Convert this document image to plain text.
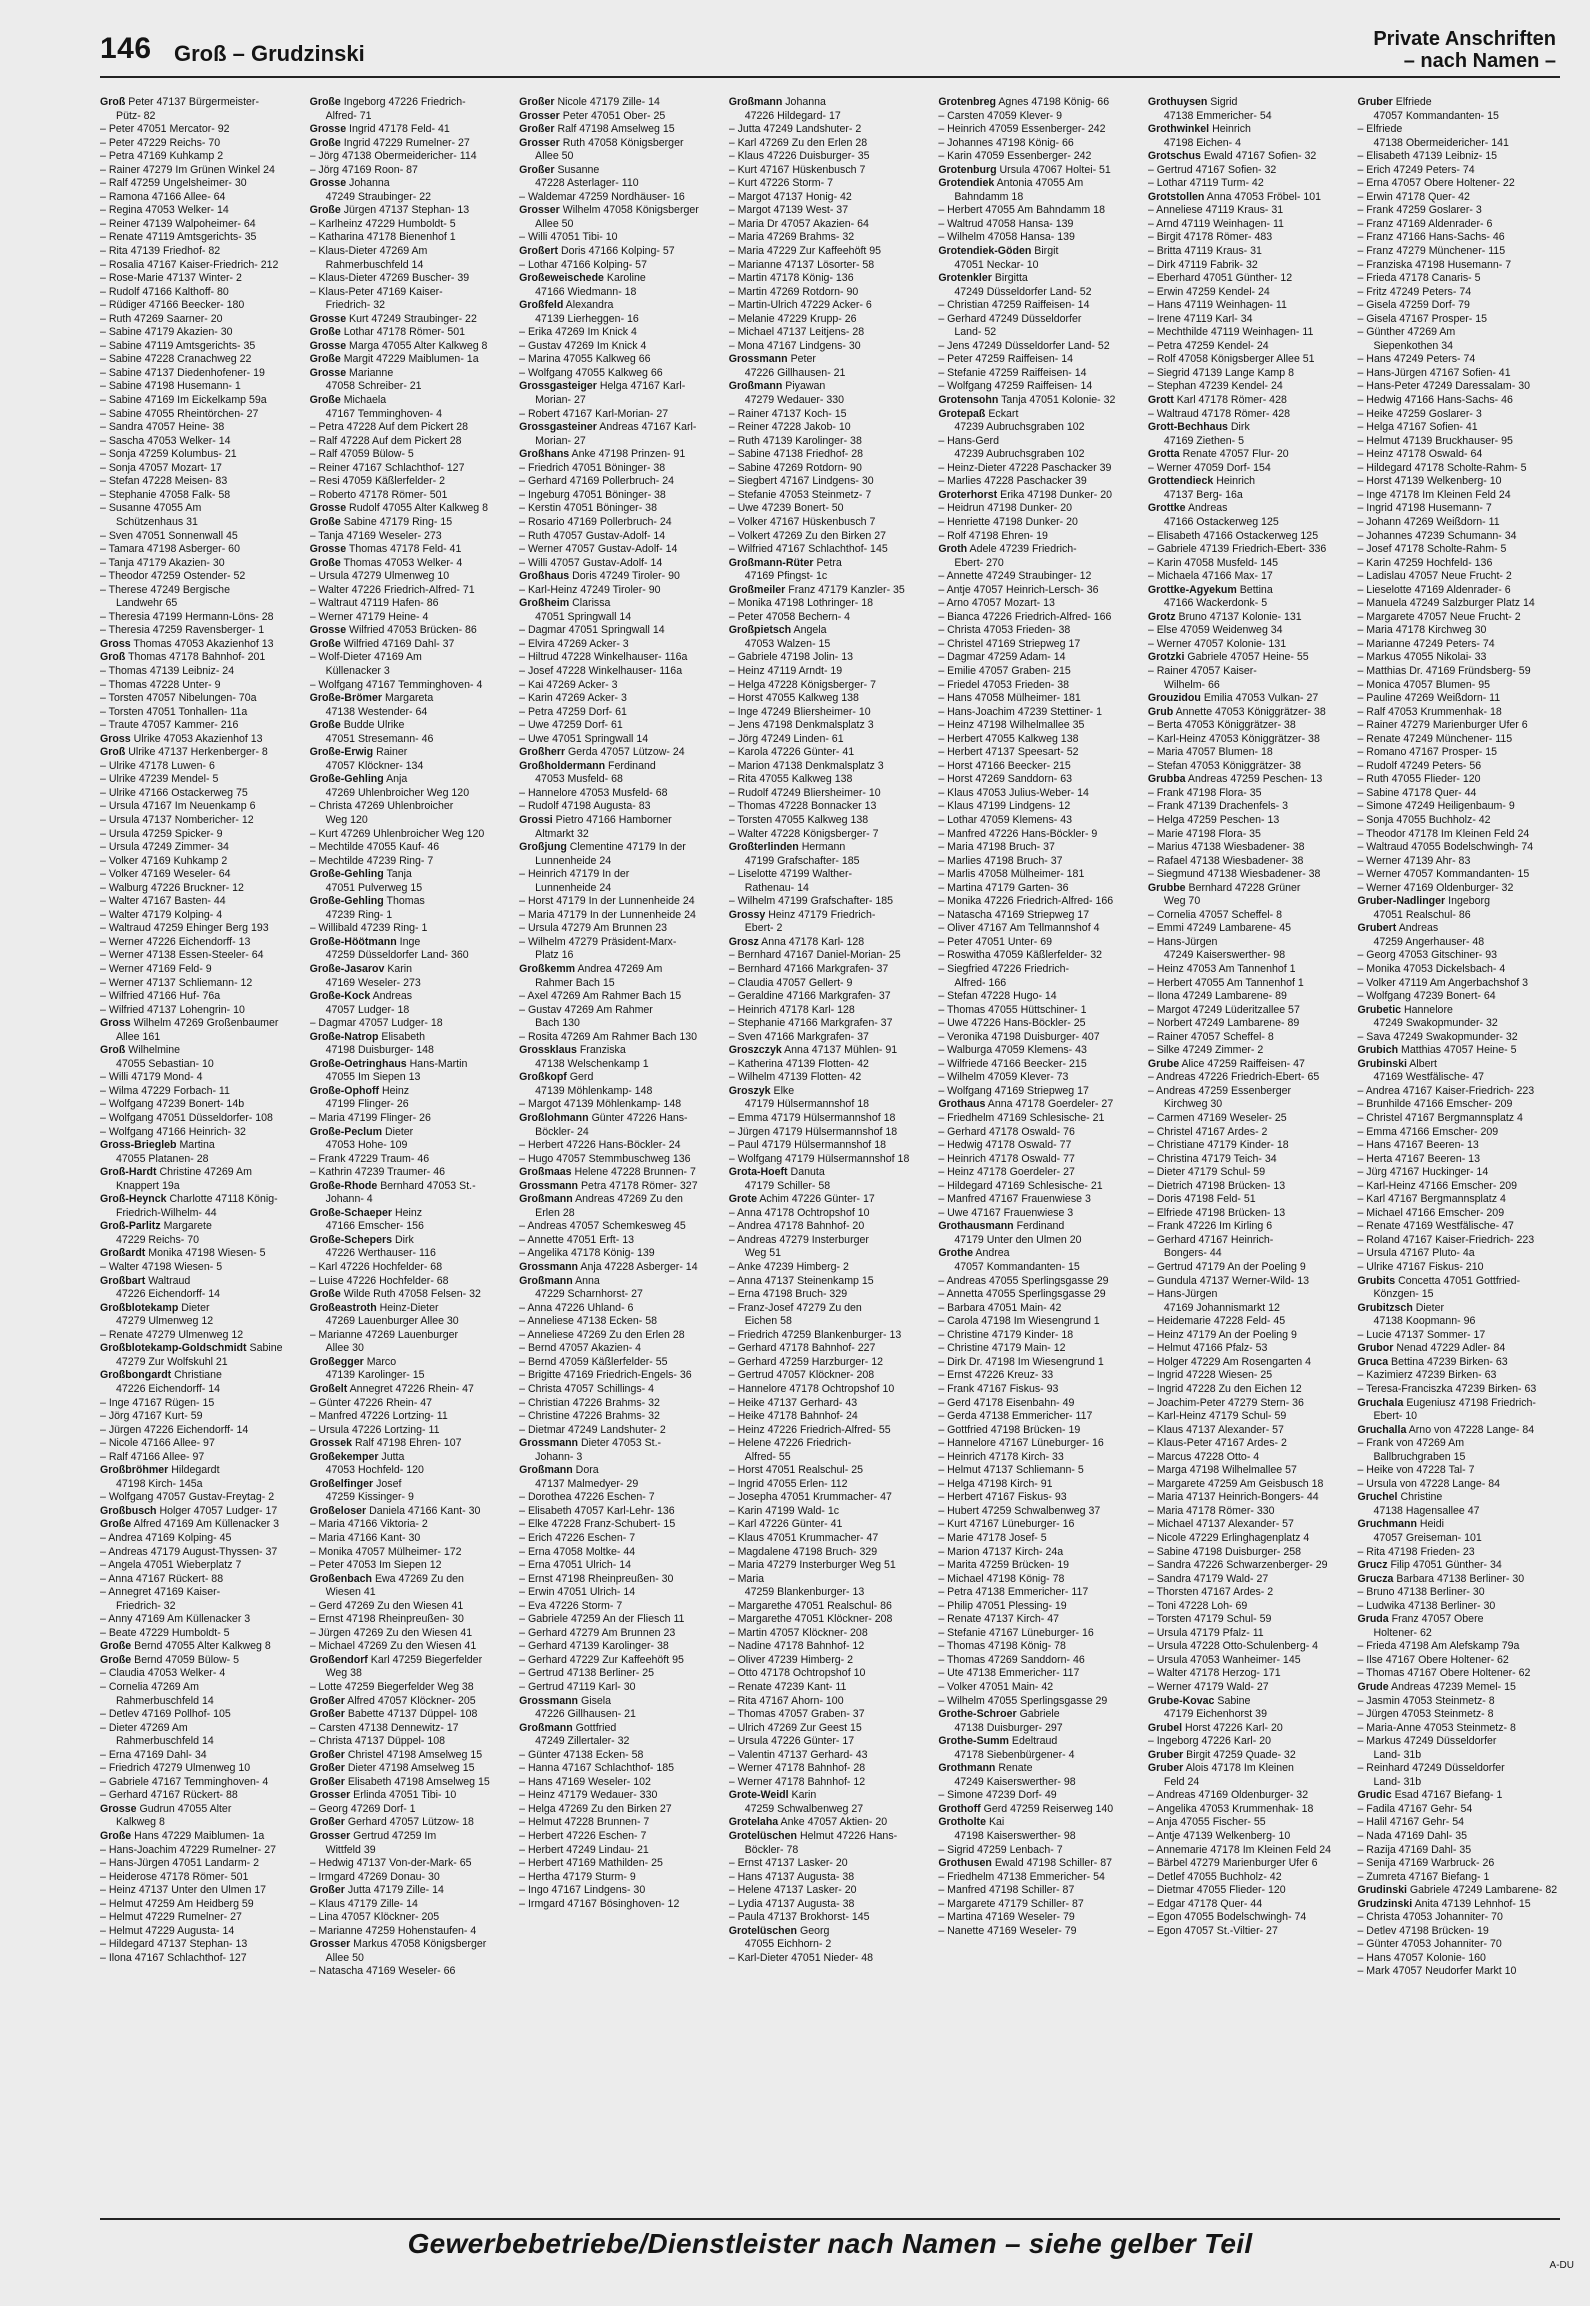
146 Groß – Grudzinski
Private Anschriften
– nach Namen –
Groß Peter 47137 Bürgermeister-
Pütz- 82
– Peter 47051 Mercator- 92
– Peter 47229 Reichs- 70
– Petra 47169 Kuhkamp 2
– Rainer 47279 Im Grünen Winkel 24
– Ralf 47259 Ungelsheimer- 30
– Ramona 47166 Allee- 64
– Regina 47053 Welker- 14
– Reiner 47139 Walpoheimer- 64
– Renate 47119 Amtsgerichts- 35
– Rita 47139 Friedhof- 82
– Rosalia 47167 Kaiser-Friedrich- 212
– Rose-Marie 47137 Winter- 2
– Rudolf 47166 Kalthoff- 80
– Rüdiger 47166 Beecker- 180
– Ruth 47269 Saarner- 20
– Sabine 47179 Akazien- 30
– Sabine 47119 Amtsgerichts- 35
– Sabine 47228 Cranachweg 22
– Sabine 47137 Diedenhofener- 19
– Sabine 47198 Husemann- 1
– Sabine 47169 Im Eickelkamp 59a
– Sabine 47055 Rheintörchen- 27
– Sandra 47057 Heine- 38
– Sascha 47053 Welker- 14
– Sonja 47259 Kolumbus- 21
– Sonja 47057 Mozart- 17
– Stefan 47228 Meisen- 83
– Stephanie 47058 Falk- 58
– Susanne 47055 Am
Schützenhaus 31
– Sven 47051 Sonnenwall 45
– Tamara 47198 Asberger- 60
– Tanja 47179 Akazien- 30
– Theodor 47259 Ostender- 52
– Therese 47249 Bergische
Landwehr 65
– Theresia 47199 Hermann-Löns- 28
– Theresia 47259 Ravensberger- 1
Gross Thomas 47053 Akazienhof 13
Groß Thomas 47178 Bahnhof- 201
– Thomas 47139 Leibniz- 24
– Thomas 47228 Unter- 9
– Torsten 47057 Nibelungen- 70a
– Torsten 47051 Tonhallen- 11a
– Traute 47057 Kammer- 216
Gross Ulrike 47053 Akazienhof 13
Groß Ulrike 47137 Herkenberger- 8
– Ulrike 47178 Luwen- 6
– Ulrike 47239 Mendel- 5
– Ulrike 47166 Ostackerweg 75
– Ursula 47167 Im Neuenkamp 6
– Ursula 47137 Nombericher- 12
– Ursula 47259 Spicker- 9
– Ursula 47249 Zimmer- 34
– Volker 47169 Kuhkamp 2
– Volker 47169 Weseler- 64
– Walburg 47226 Bruckner- 12
– Walter 47167 Basten- 44
– Walter 47179 Kolping- 4
– Waltraud 47259 Ehinger Berg 193
– Werner 47226 Eichendorff- 13
– Werner 47138 Essen-Steeler- 64
– Werner 47169 Feld- 9
– Werner 47137 Schliemann- 12
– Wilfried 47166 Huf- 76a
– Wilfried 47137 Lohengrin- 10
Gross Wilhelm 47269 Großenbaumer
Allee 161
Groß Wilhelmine
47055 Sebastian- 10
– Willi 47179 Mond- 4
– Wilma 47229 Forbach- 11
– Wolfgang 47239 Bonert- 14b
– Wolfgang 47051 Düsseldorfer- 108
– Wolfgang 47166 Heinrich- 32
Gross-Briegleb Martina
47055 Platanen- 28
Groß-Hardt Christine 47269 Am
Knappert 19a
Groß-Heynck Charlotte 47118 König-
Friedrich-Wilhelm- 44
Groß-Parlitz Margarete
47229 Reichs- 70
Großardt Monika 47198 Wiesen- 5
– Walter 47198 Wiesen- 5
Großbart Waltraud
47226 Eichendorff- 14
Großblotekamp Dieter
47279 Ulmenweg 12
– Renate 47279 Ulmenweg 12
Großblotekamp-Goldschmidt Sabine
47279 Zur Wolfskuhl 21
Großbongardt Christiane
47226 Eichendorff- 14
– Inge 47167 Rügen- 15
– Jörg 47167 Kurt- 59
– Jürgen 47226 Eichendorff- 14
– Nicole 47166 Allee- 97
– Ralf 47166 Allee- 97
Großbröhmer Hildegardt
47198 Kirch- 145a
– Wolfgang 47057 Gustav-Freytag- 2
Großbusch Holger 47057 Ludger- 17
Große Alfred 47169 Am Küllenacker 3
– Andrea 47169 Kolping- 45
– Andreas 47179 August-Thyssen- 37
– Angela 47051 Wieberplatz 7
– Anna 47167 Rückert- 88
– Annegret 47169 Kaiser-
Friedrich- 32
– Anny 47169 Am Küllenacker 3
– Beate 47229 Humboldt- 5
Große Bernd 47055 Alter Kalkweg 8
Große Bernd 47059 Bülow- 5
– Claudia 47053 Welker- 4
– Cornelia 47269 Am
Rahmerbuschfeld 14
– Detlev 47169 Pollhof- 105
– Dieter 47269 Am
Rahmerbuschfeld 14
– Erna 47169 Dahl- 34
– Friedrich 47279 Ulmenweg 10
– Gabriele 47167 Temminghoven- 4
– Gerhard 47167 Rückert- 88
Grosse Gudrun 47055 Alter
Kalkweg 8
Große Hans 47229 Maiblumen- 1a
– Hans-Joachim 47229 Rumelner- 27
– Hans-Jürgen 47051 Landarm- 2
– Heiderose 47178 Römer- 501
– Heinz 47137 Unter den Ulmen 17
– Helmut 47259 Am Heidberg 59
– Helmut 47229 Rumelner- 27
– Helmut 47229 Augusta- 14
– Hildegard 47137 Stephan- 13
– Ilona 47167 Schlachthof- 127
Große Ingeborg 47226 Friedrich-
Alfred- 71
Grosse Ingrid 47178 Feld- 41
Große Ingrid 47229 Rumelner- 27
– Jörg 47138 Obermeidericher- 114
– Jörg 47169 Roon- 87
Grosse Johanna
47249 Straubinger- 22
Große Jürgen 47137 Stephan- 13
– Karlheinz 47229 Humboldt- 5
– Katharina 47178 Bienenhof 1
– Klaus-Dieter 47269 Am
Rahmerbuschfeld 14
– Klaus-Dieter 47269 Buscher- 39
– Klaus-Peter 47169 Kaiser-
Friedrich- 32
Grosse Kurt 47249 Straubinger- 22
Große Lothar 47178 Römer- 501
Grosse Marga 47055 Alter Kalkweg 8
Große Margit 47229 Maiblumen- 1a
Grosse Marianne
47058 Schreiber- 21
Große Michaela
47167 Temminghoven- 4
– Petra 47228 Auf dem Pickert 28
– Ralf 47228 Auf dem Pickert 28
– Ralf 47059 Bülow- 5
– Reiner 47167 Schlachthof- 127
– Resi 47059 Käßlerfelder- 2
– Roberto 47178 Römer- 501
Grosse Rudolf 47055 Alter Kalkweg 8
Große Sabine 47179 Ring- 15
– Tanja 47169 Weseler- 273
Grosse Thomas 47178 Feld- 41
Große Thomas 47053 Welker- 4
– Ursula 47279 Ulmenweg 10
– Walter 47226 Friedrich-Alfred- 71
– Waltraut 47119 Hafen- 86
– Werner 47179 Heine- 4
Grosse Wilfried 47053 Brücken- 86
Große Wilfried 47169 Dahl- 37
– Wolf-Dieter 47169 Am
Küllenacker 3
– Wolfgang 47167 Temminghoven- 4
Große-Brömer Margareta
47138 Westender- 64
Große Budde Ulrike
47051 Stresemann- 46
Große-Erwig Rainer
47057 Klöckner- 134
Große-Gehling Anja
47269 Uhlenbroicher Weg 120
– Christa 47269 Uhlenbroicher
Weg 120
– Kurt 47269 Uhlenbroicher Weg 120
– Mechtilde 47055 Kauf- 46
– Mechtilde 47239 Ring- 7
Große-Gehling Tanja
47051 Pulverweg 15
Große-Gehling Thomas
47239 Ring- 1
– Willibald 47239 Ring- 1
Große-Höötmann Inge
47259 Düsseldorfer Land- 360
Große-Jasarov Karin
47169 Weseler- 273
Große-Kock Andreas
47057 Ludger- 18
– Dagmar 47057 Ludger- 18
Große-Natrop Elisabeth
47198 Duisburger- 148
Große-Oetringhaus Hans-Martin
47055 Im Siepen 13
Große-Ophoff Heinz
47199 Flinger- 26
– Maria 47199 Flinger- 26
Große-Peclum Dieter
47053 Hohe- 109
– Frank 47229 Traum- 46
– Kathrin 47239 Traumer- 46
Große-Rhode Bernhard 47053 St.-
Johann- 4
Große-Schaeper Heinz
47166 Emscher- 156
Große-Schepers Dirk
47226 Werthauser- 116
– Karl 47226 Hochfelder- 68
– Luise 47226 Hochfelder- 68
Große Wilde Ruth 47058 Felsen- 32
Großeastroth Heinz-Dieter
47269 Lauenburger Allee 30
– Marianne 47269 Lauenburger
Allee 30
Großegger Marco
47139 Karolinger- 15
Großelt Annegret 47226 Rhein- 47
– Günter 47226 Rhein- 47
– Manfred 47226 Lortzing- 11
– Ursula 47226 Lortzing- 11
Grossek Ralf 47198 Ehren- 107
Großekemper Jutta
47053 Hochfeld- 120
Großelfinger Josef
47259 Kissinger- 9
Großeloser Daniela 47166 Kant- 30
– Maria 47166 Viktoria- 2
– Maria 47166 Kant- 30
– Monika 47057 Mülheimer- 172
– Peter 47053 Im Siepen 12
Großenbach Ewa 47269 Zu den
Wiesen 41
– Gerd 47269 Zu den Wiesen 41
– Ernst 47198 Rheinpreußen- 30
– Jürgen 47269 Zu den Wiesen 41
– Michael 47269 Zu den Wiesen 41
Großendorf Karl 47259 Biegerfelder
Weg 38
– Lotte 47259 Biegerfelder Weg 38
Großer Alfred 47057 Klöckner- 205
Großer Babette 47137 Düppel- 108
– Carsten 47138 Dennewitz- 17
– Christa 47137 Düppel- 108
Großer Christel 47198 Amselweg 15
Großer Dieter 47198 Amselweg 15
Großer Elisabeth 47198 Amselweg 15
Grosser Erlinda 47051 Tibi- 10
– Georg 47269 Dorf- 1
Großer Gerhard 47057 Lützow- 18
Grosser Gertrud 47259 Im
Wittfeld 39
– Hedwig 47137 Von-der-Mark- 65
– Irmgard 47269 Donau- 30
Großer Jutta 47179 Zille- 14
– Klaus 47179 Zille- 14
– Lina 47057 Klöckner- 205
– Marianne 47259 Hohenstaufen- 4
Grosser Markus 47058 Königsberger
Allee 50
– Natascha 47169 Weseler- 66
Großer Nicole 47179 Zille- 14
Grosser Peter 47051 Ober- 25
Großer Ralf 47198 Amselweg 15
Grosser Ruth 47058 Königsberger
Allee 50
Großer Susanne
47228 Asterlager- 110
– Waldemar 47259 Nordhäuser- 16
Grosser Wilhelm 47058 Königsberger
Allee 50
– Willi 47051 Tibi- 10
Großert Doris 47166 Kolping- 57
– Lothar 47166 Kolping- 57
Großeweischede Karoline
47166 Wiedmann- 18
Großfeld Alexandra
47139 Lierheggen- 16
– Erika 47269 Im Knick 4
– Gustav 47269 Im Knick 4
– Marina 47055 Kalkweg 66
– Wolfgang 47055 Kalkweg 66
Grossgasteiger Helga 47167 Karl-
Morian- 27
– Robert 47167 Karl-Morian- 27
Grossgasteiner Andreas 47167 Karl-
Morian- 27
Großhans Anke 47198 Prinzen- 91
– Friedrich 47051 Böninger- 38
– Gerhard 47169 Pollerbruch- 24
– Ingeburg 47051 Böninger- 38
– Kerstin 47051 Böninger- 38
– Rosario 47169 Pollerbruch- 24
– Ruth 47057 Gustav-Adolf- 14
– Werner 47057 Gustav-Adolf- 14
– Willi 47057 Gustav-Adolf- 14
Großhaus Doris 47249 Tiroler- 90
– Karl-Heinz 47249 Tiroler- 90
Großheim Clarissa
47051 Springwall 14
– Dagmar 47051 Springwall 14
– Elvira 47269 Acker- 3
– Hiltrud 47228 Winkelhauser- 116a
– Josef 47228 Winkelhauser- 116a
– Kai 47269 Acker- 3
– Karin 47269 Acker- 3
– Petra 47259 Dorf- 61
– Uwe 47259 Dorf- 61
– Uwe 47051 Springwall 14
Großherr Gerda 47057 Lützow- 24
Großholdermann Ferdinand
47053 Musfeld- 68
– Hannelore 47053 Musfeld- 68
– Rudolf 47198 Augusta- 83
Grossi Pietro 47166 Hamborner
Altmarkt 32
Großjung Clementine 47179 In der
Lunnenheide 24
– Heinrich 47179 In der
Lunnenheide 24
– Horst 47179 In der Lunnenheide 24
– Maria 47179 In der Lunnenheide 24
– Ursula 47279 Am Brunnen 23
– Wilhelm 47279 Präsident-Marx-
Platz 16
Großkemm Andrea 47269 Am
Rahmer Bach 15
– Axel 47269 Am Rahmer Bach 15
– Gustav 47269 Am Rahmer
Bach 130
– Rosita 47269 Am Rahmer Bach 130
Grossklaus Franziska
47138 Welschenkamp 1
Großkopf Gerd
47139 Möhlenkamp- 148
– Margot 47139 Möhlenkamp- 148
Großlohmann Günter 47226 Hans-
Böckler- 24
– Herbert 47226 Hans-Böckler- 24
– Hugo 47057 Stemmbuschweg 136
Großmaas Helene 47228 Brunnen- 7
Grossmann Petra 47178 Römer- 327
Großmann Andreas 47269 Zu den
Erlen 28
– Andreas 47057 Schemkesweg 45
– Annette 47051 Erft- 13
– Angelika 47178 König- 139
Grossmann Anja 47228 Asberger- 14
Großmann Anna
47229 Scharnhorst- 27
– Anna 47226 Uhland- 6
– Anneliese 47138 Ecken- 58
– Anneliese 47269 Zu den Erlen 28
– Bernd 47057 Akazien- 4
– Bernd 47059 Käßlerfelder- 55
– Brigitte 47169 Friedrich-Engels- 36
– Christa 47057 Schillings- 4
– Christian 47226 Brahms- 32
– Christine 47226 Brahms- 32
– Dietmar 47249 Landshuter- 2
Grossmann Dieter 47053 St.-
Johann- 3
Großmann Dora
47137 Malmedyer- 29
– Dorothea 47226 Eschen- 7
– Elisabeth 47057 Karl-Lehr- 136
– Elke 47228 Franz-Schubert- 15
– Erich 47226 Eschen- 7
– Erna 47058 Moltke- 44
– Erna 47051 Ulrich- 14
– Ernst 47198 Rheinpreußen- 30
– Erwin 47051 Ulrich- 14
– Eva 47226 Storm- 7
– Gabriele 47259 An der Fliesch 11
– Gerhard 47279 Am Brunnen 23
– Gerhard 47139 Karolinger- 38
– Gerhard 47229 Zur Kaffeehöft 95
– Gertrud 47138 Berliner- 25
– Gertrud 47119 Karl- 30
Grossmann Gisela
47226 Gillhausen- 21
Großmann Gottfried
47249 Zillertaler- 32
– Günter 47138 Ecken- 58
– Hanna 47167 Schlachthof- 185
– Hans 47169 Weseler- 102
– Heinz 47179 Wedauer- 330
– Helga 47269 Zu den Birken 27
– Helmut 47228 Brunnen- 7
– Herbert 47226 Eschen- 7
– Herbert 47249 Lindau- 21
– Herbert 47169 Mathilden- 25
– Hertha 47179 Sturm- 9
– Ingo 47167 Lindgens- 30
– Irmgard 47167 Bösinghoven- 12
Großmann Johanna
47226 Hildegard- 17
– Jutta 47249 Landshuter- 2
– Karl 47269 Zu den Erlen 28
– Klaus 47226 Duisburger- 35
– Kurt 47167 Hüskenbusch 7
– Kurt 47226 Storm- 7
– Margot 47137 Honig- 42
– Margot 47139 West- 37
– Maria Dr 47057 Akazien- 64
– Maria 47269 Brahms- 32
– Maria 47229 Zur Kaffeehöft 95
– Marianne 47137 Lösorter- 58
– Martin 47178 König- 136
– Martin 47269 Rotdorn- 90
– Martin-Ulrich 47229 Acker- 6
– Melanie 47229 Krupp- 26
– Michael 47137 Leitjens- 28
– Mona 47167 Lindgens- 30
Grossmann Peter
47226 Gillhausen- 21
Großmann Piyawan
47279 Wedauer- 330
– Rainer 47137 Koch- 15
– Reiner 47228 Jakob- 10
– Ruth 47139 Karolinger- 38
– Sabine 47138 Friedhof- 28
– Sabine 47269 Rotdorn- 90
– Siegbert 47167 Lindgens- 30
– Stefanie 47053 Steinmetz- 7
– Uwe 47239 Bonert- 50
– Volker 47167 Hüskenbusch 7
– Volkert 47269 Zu den Birken 27
– Wilfried 47167 Schlachthof- 145
Großmann-Rüter Petra
47169 Pfingst- 1c
Großmeiler Franz 47179 Kanzler- 35
– Monika 47198 Lothringer- 18
– Peter 47058 Bechern- 4
Großpietsch Angela
47053 Walzen- 15
– Gabriele 47198 Jolin- 13
– Heinz 47119 Arndt- 19
– Helga 47228 Königsberger- 7
– Horst 47055 Kalkweg 138
– Inge 47249 Bliersheimer- 10
– Jens 47198 Denkmalsplatz 3
– Jörg 47249 Linden- 61
– Karola 47226 Günter- 41
– Marion 47138 Denkmalsplatz 3
– Rita 47055 Kalkweg 138
– Rudolf 47249 Bliersheimer- 10
– Thomas 47228 Bonnacker 13
– Torsten 47055 Kalkweg 138
– Walter 47228 Königsberger- 7
Großterlinden Hermann
47199 Grafschafter- 185
– Liselotte 47199 Walther-
Rathenau- 14
– Wilhelm 47199 Grafschafter- 185
Grossy Heinz 47179 Friedrich-
Ebert- 2
Grosz Anna 47178 Karl- 128
– Bernhard 47167 Daniel-Morian- 25
– Bernhard 47166 Markgrafen- 37
– Claudia 47057 Gellert- 9
– Geraldine 47166 Markgrafen- 37
– Heinrich 47178 Karl- 128
– Stephanie 47166 Markgrafen- 37
– Sven 47166 Markgrafen- 37
Groszczyk Anna 47137 Mühlen- 91
– Katherina 47139 Flotten- 42
– Wilhelm 47139 Flotten- 42
Groszyk Elke
47179 Hülsermannshof 18
– Emma 47179 Hülsermannshof 18
– Jürgen 47179 Hülsermannshof 18
– Paul 47179 Hülsermannshof 18
– Wolfgang 47179 Hülsermannshof 18
Grota-Hoeft Danuta
47179 Schiller- 58
Grote Achim 47226 Günter- 17
– Anna 47178 Ochtropshof 10
– Andrea 47178 Bahnhof- 20
– Andreas 47279 Insterburger
Weg 51
– Anke 47239 Himberg- 2
– Anna 47137 Steinenkamp 15
– Erna 47198 Bruch- 329
– Franz-Josef 47279 Zu den
Eichen 58
– Friedrich 47259 Blankenburger- 13
– Gerhard 47178 Bahnhof- 227
– Gerhard 47259 Harzburger- 12
– Gertrud 47057 Klöckner- 208
– Hannelore 47178 Ochtropshof 10
– Heike 47137 Gerhard- 43
– Heike 47178 Bahnhof- 24
– Heinz 47226 Friedrich-Alfred- 55
– Helene 47226 Friedrich-
Alfred- 55
– Horst 47051 Realschul- 25
– Ingrid 47055 Erlen- 112
– Josepha 47051 Krummacher- 47
– Karin 47199 Wald- 1c
– Karl 47226 Günter- 41
– Klaus 47051 Krummacher- 47
– Magdalene 47198 Bruch- 329
– Maria 47279 Insterburger Weg 51
– Maria
47259 Blankenburger- 13
– Margarethe 47051 Realschul- 86
– Margarethe 47051 Klöckner- 208
– Martin 47057 Klöckner- 208
– Nadine 47178 Bahnhof- 12
– Oliver 47239 Himberg- 2
– Otto 47178 Ochtropshof 10
– Renate 47239 Kant- 11
– Rita 47167 Ahorn- 100
– Thomas 47057 Graben- 37
– Ulrich 47269 Zur Geest 15
– Ursula 47226 Günter- 17
– Valentin 47137 Gerhard- 43
– Werner 47178 Bahnhof- 28
– Werner 47178 Bahnhof- 12
Grote-Weidl Karin
47259 Schwalbenweg 27
Grotelaha Anke 47057 Aktien- 20
Grotelüschen Helmut 47226 Hans-
Böckler- 78
– Ernst 47137 Lasker- 20
– Hans 47137 Augusta- 38
– Helene 47137 Lasker- 20
– Lydia 47137 Augusta- 38
– Paula 47137 Brokhorst- 145
Grotelüschen Georg
47055 Eichhorn- 2
– Karl-Dieter 47051 Nieder- 48
Grotenbreg Agnes 47198 König- 66
– Carsten 47059 Klever- 9
– Heinrich 47059 Essenberger- 242
– Johannes 47198 König- 66
– Karin 47059 Essenberger- 242
Grotenburg Ursula 47067 Holtei- 51
Grotendiek Antonia 47055 Am
Bahndamm 18
– Herbert 47055 Am Bahndamm 18
– Waltrud 47058 Hansa- 139
– Wilhelm 47058 Hansa- 139
Grotendiek-Göden Birgit
47051 Neckar- 10
Grotenkler Birgitta
47249 Düsseldorfer Land- 52
– Christian 47259 Raiffeisen- 14
– Gerhard 47249 Düsseldorfer
Land- 52
– Jens 47249 Düsseldorfer Land- 52
– Peter 47259 Raiffeisen- 14
– Stefanie 47259 Raiffeisen- 14
– Wolfgang 47259 Raiffeisen- 14
Grotensohn Tanja 47051 Kolonie- 32
Grotepaß Eckart
47239 Aubruchsgraben 102
– Hans-Gerd
47239 Aubruchsgraben 102
– Heinz-Dieter 47228 Paschacker 39
– Marlies 47228 Paschacker 39
Groterhorst Erika 47198 Dunker- 20
– Heidrun 47198 Dunker- 20
– Henriette 47198 Dunker- 20
– Rolf 47198 Ehren- 19
Groth Adele 47239 Friedrich-
Ebert- 270
– Annette 47249 Straubinger- 12
– Antje 47057 Heinrich-Lersch- 36
– Arno 47057 Mozart- 13
– Bianca 47226 Friedrich-Alfred- 166
– Christa 47053 Frieden- 38
– Christel 47169 Striepweg 17
– Dagmar 47259 Adam- 14
– Emilie 47057 Graben- 215
– Friedel 47053 Frieden- 38
– Hans 47058 Mülheimer- 181
– Hans-Joachim 47239 Stettiner- 1
– Heinz 47198 Wilhelmallee 35
– Herbert 47055 Kalkweg 138
– Herbert 47137 Speesart- 52
– Horst 47166 Beecker- 215
– Horst 47269 Sanddorn- 63
– Klaus 47053 Julius-Weber- 14
– Klaus 47199 Lindgens- 12
– Lothar 47059 Klemens- 43
– Manfred 47226 Hans-Böckler- 9
– Maria 47198 Bruch- 37
– Marlies 47198 Bruch- 37
– Marlis 47058 Mülheimer- 181
– Martina 47179 Garten- 36
– Monika 47226 Friedrich-Alfred- 166
– Natascha 47169 Striepweg 17
– Oliver 47167 Am Tellmannshof 4
– Peter 47051 Unter- 69
– Roswitha 47059 Käßlerfelder- 32
– Siegfried 47226 Friedrich-
Alfred- 166
– Stefan 47228 Hugo- 14
– Thomas 47055 Hüttschiner- 1
– Uwe 47226 Hans-Böckler- 25
– Veronika 47198 Duisburger- 407
– Walburga 47059 Klemens- 43
– Wilfriede 47166 Beecker- 215
– Wilhelm 47059 Klever- 73
– Wolfgang 47169 Striepweg 17
Grothaus Anna 47178 Goerdeler- 27
– Friedhelm 47169 Schlesische- 21
– Gerhard 47178 Oswald- 76
– Hedwig 47178 Oswald- 77
– Heinrich 47178 Oswald- 77
– Heinz 47178 Goerdeler- 27
– Hildegard 47169 Schlesische- 21
– Manfred 47167 Frauenwiese 3
– Uwe 47167 Frauenwiese 3
Grothausmann Ferdinand
47179 Unter den Ulmen 20
Grothe Andrea
47057 Kommandanten- 15
– Andreas 47055 Sperlingsgasse 29
– Annetta 47055 Sperlingsgasse 29
– Barbara 47051 Main- 42
– Carola 47198 Im Wiesengrund 1
– Christine 47179 Kinder- 18
– Christine 47179 Main- 12
– Dirk Dr. 47198 Im Wiesengrund 1
– Ernst 47226 Kreuz- 33
– Frank 47167 Fiskus- 93
– Gerd 47178 Eisenbahn- 49
– Gerda 47138 Emmericher- 117
– Gottfried 47198 Brücken- 19
– Hannelore 47167 Lüneburger- 16
– Heinrich 47178 Kirch- 33
– Helmut 47137 Schliemann- 5
– Helga 47198 Kirch- 91
– Herbert 47167 Fiskus- 93
– Hubert 47259 Schwalbenweg 37
– Kurt 47167 Lüneburger- 16
– Marie 47178 Josef- 5
– Marion 47137 Kirch- 24a
– Marita 47259 Brücken- 19
– Michael 47198 König- 78
– Petra 47138 Emmericher- 117
– Philip 47051 Plessing- 19
– Renate 47137 Kirch- 47
– Stefanie 47167 Lüneburger- 16
– Thomas 47198 König- 78
– Thomas 47269 Sanddorn- 46
– Ute 47138 Emmericher- 117
– Volker 47051 Main- 42
– Wilhelm 47055 Sperlingsgasse 29
Grothe-Schroer Gabriele
47138 Duisburger- 297
Grothe-Summ Edeltraud
47178 Siebenbürgener- 4
Grothmann Renate
47249 Kaiserswerther- 98
– Simone 47239 Dorf- 49
Grothoff Gerd 47259 Reiserweg 140
Grotholte Kai
47198 Kaiserswerther- 98
– Sigrid 47259 Lenbach- 7
Grothusen Ewald 47198 Schiller- 87
– Friedhelm 47138 Emmericher- 54
– Manfred 47198 Schiller- 87
– Margarete 47179 Schiller- 87
– Martina 47169 Weseler- 79
– Nanette 47169 Weseler- 79
Grothuysen Sigrid
47138 Emmericher- 54
Grothwinkel Heinrich
47198 Eichen- 4
Grotschus Ewald 47167 Sofien- 32
– Gertrud 47167 Sofien- 32
– Lothar 47119 Turm- 42
Grotstollen Anna 47053 Fröbel- 101
– Anneliese 47119 Kraus- 31
– Arnd 47119 Weinhagen- 11
– Birgit 47178 Römer- 483
– Britta 47119 Kraus- 31
– Dirk 47119 Fabrik- 32
– Eberhard 47051 Günther- 12
– Erwin 47259 Kendel- 24
– Hans 47119 Weinhagen- 11
– Irene 47119 Karl- 34
– Mechthilde 47119 Weinhagen- 11
– Petra 47259 Kendel- 24
– Rolf 47058 Königsberger Allee 51
– Siegrid 47139 Lange Kamp 8
– Stephan 47239 Kendel- 24
Grott Karl 47178 Römer- 428
– Waltraud 47178 Römer- 428
Grott-Bechhaus Dirk
47169 Ziethen- 5
Grotta Renate 47057 Flur- 20
– Werner 47059 Dorf- 154
Grottendieck Heinrich
47137 Berg- 16a
Grottke Andreas
47166 Ostackerweg 125
– Elisabeth 47166 Ostackerweg 125
– Gabriele 47139 Friedrich-Ebert- 336
– Karin 47058 Musfeld- 145
– Michaela 47166 Max- 17
Grottke-Agyekum Bettina
47166 Wackerdonk- 5
Grotz Bruno 47137 Kolonie- 131
– Else 47059 Weidenweg 34
– Werner 47057 Kolonie- 131
Grotzki Gabriele 47057 Heine- 55
– Rainer 47057 Kaiser-
Wilhelm- 66
Grouzidou Emilia 47053 Vulkan- 27
Grub Annette 47053 Königgrätzer- 38
– Berta 47053 Königgrätzer- 38
– Karl-Heinz 47053 Königgrätzer- 38
– Maria 47057 Blumen- 18
– Stefan 47053 Königgrätzer- 38
Grubba Andreas 47259 Peschen- 13
– Frank 47198 Flora- 35
– Frank 47139 Drachenfels- 3
– Helga 47259 Peschen- 13
– Marie 47198 Flora- 35
– Marius 47138 Wiesbadener- 38
– Rafael 47138 Wiesbadener- 38
– Siegmund 47138 Wiesbadener- 38
Grubbe Bernhard 47228 Grüner
Weg 70
– Cornelia 47057 Scheffel- 8
– Emmi 47249 Lambarene- 45
– Hans-Jürgen
47249 Kaiserswerther- 98
– Heinz 47053 Am Tannenhof 1
– Herbert 47055 Am Tannenhof 1
– Ilona 47249 Lambarene- 89
– Margot 47249 Lüderitzallee 57
– Norbert 47249 Lambarene- 89
– Rainer 47057 Scheffel- 8
– Silke 47249 Zimmer- 2
Grube Alice 47259 Raiffeisen- 47
– Andreas 47226 Friedrich-Ebert- 65
– Andreas 47259 Essenberger
Kirchweg 30
– Carmen 47169 Weseler- 25
– Christel 47167 Ardes- 2
– Christiane 47179 Kinder- 18
– Christina 47179 Teich- 34
– Dieter 47179 Schul- 59
– Dietrich 47198 Brücken- 13
– Doris 47198 Feld- 51
– Elfriede 47198 Brücken- 13
– Frank 47226 Im Kirling 6
– Gerhard 47167 Heinrich-
Bongers- 44
– Gertrud 47179 An der Poeling 9
– Gundula 47137 Werner-Wild- 13
– Hans-Jürgen
47169 Johannismarkt 12
– Heidemarie 47228 Feld- 45
– Heinz 47179 An der Poeling 9
– Helmut 47166 Pfalz- 53
– Holger 47229 Am Rosengarten 4
– Ingrid 47228 Wiesen- 25
– Ingrid 47228 Zu den Eichen 12
– Joachim-Peter 47279 Stern- 36
– Karl-Heinz 47179 Schul- 59
– Klaus 47137 Alexander- 57
– Klaus-Peter 47167 Ardes- 2
– Marcus 47228 Otto- 4
– Marga 47198 Wilhelmallee 57
– Margarete 47259 Am Geisbusch 18
– Maria 47137 Heinrich-Bongers- 44
– Maria 47178 Römer- 330
– Michael 47137 Alexander- 57
– Nicole 47229 Erlinghagenplatz 4
– Sabine 47198 Duisburger- 258
– Sandra 47226 Schwarzenberger- 29
– Sandra 47179 Wald- 27
– Thorsten 47167 Ardes- 2
– Toni 47228 Loh- 69
– Torsten 47179 Schul- 59
– Ursula 47179 Pfalz- 11
– Ursula 47228 Otto-Schulenberg- 4
– Ursula 47053 Wanheimer- 145
– Walter 47178 Herzog- 171
– Werner 47179 Wald- 27
Grube-Kovac Sabine
47179 Eichenhorst 39
Grubel Horst 47226 Karl- 20
– Ingeborg 47226 Karl- 20
Gruber Birgit 47259 Quade- 32
Gruber Alois 47178 Im Kleinen
Feld 24
– Andreas 47169 Oldenburger- 32
– Angelika 47053 Krummenhak- 18
– Anja 47055 Fischer- 55
– Antje 47139 Welkenberg- 10
– Annemarie 47178 Im Kleinen Feld 24
– Bärbel 47279 Marienburger Ufer 6
– Detlef 47055 Buchholz- 42
– Dietmar 47055 Flieder- 120
– Edgar 47178 Quer- 44
– Egon 47055 Bodelschwingh- 74
– Egon 47057 St.-Viltier- 27
Gruber Elfriede
47057 Kommandanten- 15
– Elfriede
47138 Obermeidericher- 141
– Elisabeth 47139 Leibniz- 15
– Erich 47249 Peters- 74
– Erna 47057 Obere Holtener- 22
– Erwin 47178 Quer- 42
– Frank 47259 Goslarer- 3
– Franz 47169 Aldenrader- 6
– Franz 47166 Hans-Sachs- 46
– Franz 47279 Münchener- 115
– Franziska 47198 Husemann- 7
– Frieda 47178 Canaris- 5
– Fritz 47249 Peters- 74
– Gisela 47259 Dorf- 79
– Gisela 47167 Prosper- 15
– Günther 47269 Am
Siepenkothen 34
– Hans 47249 Peters- 74
– Hans-Jürgen 47167 Sofien- 41
– Hans-Peter 47249 Daressalam- 30
– Hedwig 47166 Hans-Sachs- 46
– Heike 47259 Goslarer- 3
– Helga 47167 Sofien- 41
– Helmut 47139 Bruckhauser- 95
– Heinz 47178 Oswald- 64
– Hildegard 47178 Scholte-Rahm- 5
– Horst 47139 Welkenberg- 10
– Inge 47178 Im Kleinen Feld 24
– Ingrid 47198 Husemann- 7
– Johann 47269 Weißdorn- 11
– Johannes 47239 Schumann- 34
– Josef 47178 Scholte-Rahm- 5
– Karin 47259 Hochfeld- 136
– Ladislau 47057 Neue Frucht- 2
– Lieselotte 47169 Aldenrader- 6
– Manuela 47249 Salzburger Platz 14
– Margarete 47057 Neue Frucht- 2
– Maria 47178 Kirchweg 30
– Marianne 47249 Peters- 74
– Markus 47055 Nikolai- 33
– Matthias Dr. 47169 Fründsberg- 59
– Monica 47057 Blumen- 95
– Pauline 47269 Weißdorn- 11
– Ralf 47053 Krummenhak- 18
– Rainer 47279 Marienburger Ufer 6
– Renate 47249 Münchener- 115
– Romano 47167 Prosper- 15
– Rudolf 47249 Peters- 56
– Ruth 47055 Flieder- 120
– Sabine 47178 Quer- 44
– Simone 47249 Heiligenbaum- 9
– Sonja 47055 Buchholz- 42
– Theodor 47178 Im Kleinen Feld 24
– Waltraud 47055 Bodelschwingh- 74
– Werner 47139 Ahr- 83
– Werner 47057 Kommandanten- 15
– Werner 47169 Oldenburger- 32
Gruber-Nadlinger Ingeborg
47051 Realschul- 86
Grubert Andreas
47259 Angerhauser- 48
– Georg 47053 Gitschiner- 93
– Monika 47053 Dickelsbach- 4
– Volker 47119 Am Angerbachshof 3
– Wolfgang 47239 Bonert- 64
Grubetic Hannelore
47249 Swakopmunder- 32
– Sava 47249 Swakopmunder- 32
Grubich Matthias 47057 Heine- 5
Grubinski Albert
47169 Westfälische- 47
– Andrea 47167 Kaiser-Friedrich- 223
– Brunhilde 47166 Emscher- 209
– Christel 47167 Bergmannsplatz 4
– Emma 47166 Emscher- 209
– Hans 47167 Beeren- 13
– Herta 47167 Beeren- 13
– Jürg 47167 Huckinger- 14
– Karl-Heinz 47166 Emscher- 209
– Karl 47167 Bergmannsplatz 4
– Michael 47166 Emscher- 209
– Renate 47169 Westfälische- 47
– Roland 47167 Kaiser-Friedrich- 223
– Ursula 47167 Pluto- 4a
– Ulrike 47167 Fiskus- 210
Grubits Concetta 47051 Gottfried-
Könzgen- 15
Grubitzsch Dieter
47138 Koopmann- 96
– Lucie 47137 Sommer- 17
Grubor Nenad 47229 Adler- 84
Gruca Bettina 47239 Birken- 63
– Kazimierz 47239 Birken- 63
– Teresa-Franciszka 47239 Birken- 63
Gruchala Eugeniusz 47198 Friedrich-
Ebert- 10
Gruchalla Arno von 47228 Lange- 84
– Frank von 47269 Am
Ballbruchgraben 15
– Heike von 47228 Tal- 7
– Ursula von 47228 Lange- 84
Gruchel Christine
47138 Hagensallee 47
Gruchmann Heidi
47057 Greiseman- 101
– Rita 47198 Frieden- 23
Grucz Filip 47051 Günther- 34
Grucza Barbara 47138 Berliner- 30
– Bruno 47138 Berliner- 30
– Ludwika 47138 Berliner- 30
Gruda Franz 47057 Obere
Holtener- 62
– Frieda 47198 Am Alefskamp 79a
– Ilse 47167 Obere Holtener- 62
– Thomas 47167 Obere Holtener- 62
Grude Andreas 47239 Memel- 15
– Jasmin 47053 Steinmetz- 8
– Jürgen 47053 Steinmetz- 8
– Maria-Anne 47053 Steinmetz- 8
– Markus 47249 Düsseldorfer
Land- 31b
– Reinhard 47249 Düsseldorfer
Land- 31b
Grudic Esad 47167 Biefang- 1
– Fadila 47167 Gehr- 54
– Halil 47167 Gehr- 54
– Nada 47169 Dahl- 35
– Razija 47169 Dahl- 35
– Senija 47169 Warbruck- 26
– Zumreta 47167 Biefang- 1
Grudinski Gabriele 47249 Lambarene- 82
Grudzinski Anita 47139 Lehnhof- 15
– Christa 47053 Johanniter- 70
– Detlev 47198 Brücken- 19
– Günter 47053 Johanniter- 70
– Hans 47057 Kolonie- 160
– Mark 47057 Neudorfer Markt 10
Gewerbebetriebe/Dienstleister nach Namen – siehe gelber Teil
A-DU
